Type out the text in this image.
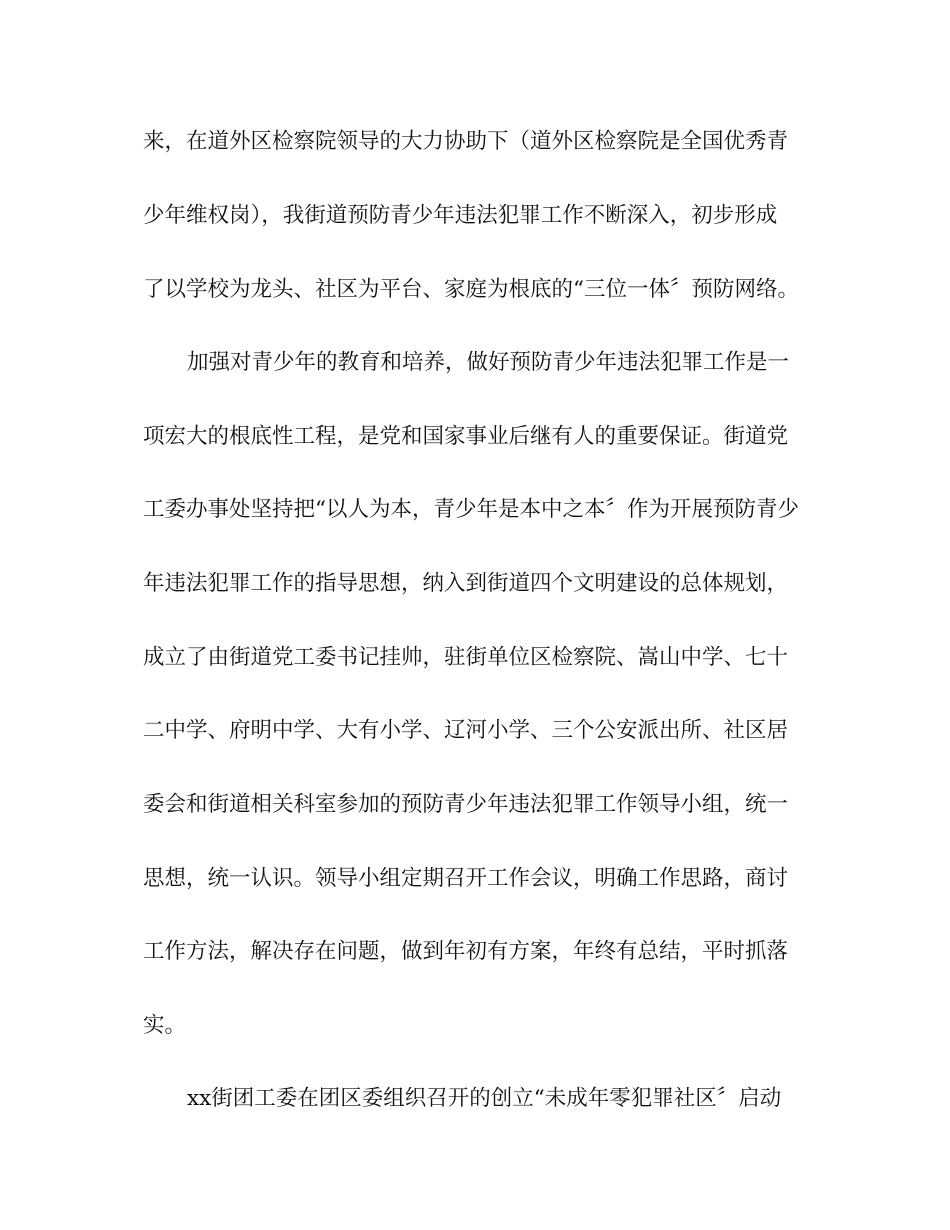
来，在道外区检察院领导的大力协助下（道外区检察院是全国优秀青
少年维权岗），我街道预防青少年违法犯罪工作不断深入，初步形成
了以学校为龙头、社区为平台、家庭为根底的“三位一体〞预防网络。
加强对青少年的教育和培养，做好预防青少年违法犯罪工作是一
项宏大的根底性工程，是党和国家事业后继有人的重要保证。街道党
工委办事处坚持把“以人为本，青少年是本中之本〞作为开展预防青少
年违法犯罪工作的指导思想，纳入到街道四个文明建设的总体规划，
成立了由街道党工委书记挂帅，驻街单位区检察院、嵩山中学、七十
二中学、府明中学、大有小学、辽河小学、三个公安派出所、社区居
委会和街道相关科室参加的预防青少年违法犯罪工作领导小组，统一
思想，统一认识。领导小组定期召开工作会议，明确工作思路，商讨
工作方法，解决存在问题，做到年初有方案，年终有总结，平时抓落
实。
xx街团工委在团区委组织召开的创立“未成年零犯罪社区〞启动
